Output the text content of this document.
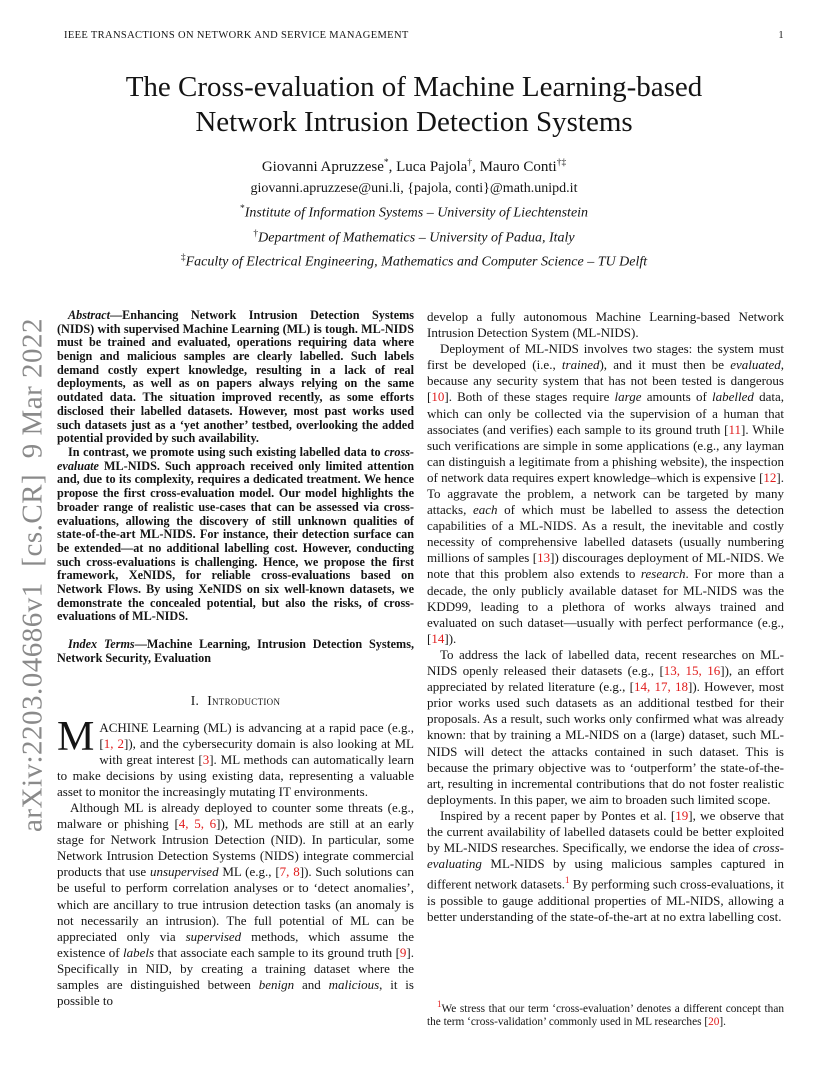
arXiv:2203.04686v1  [cs.CR]  9 Mar 2022
IEEE TRANSACTIONS ON NETWORK AND SERVICE MANAGEMENT	1
The Cross-evaluation of Machine Learning-based
Network Intrusion Detection Systems
Giovanni Apruzzese*, Luca Pajola†, Mauro Conti†‡
giovanni.apruzzese@uni.li, {pajola, conti}@math.unipd.it
*Institute of Information Systems – University of Liechtenstein
†Department of Mathematics – University of Padua, Italy
‡Faculty of Electrical Engineering, Mathematics and Computer Science – TU Delft

Abstract—Enhancing Network Intrusion Detection Systems (NIDS) with supervised Machine Learning (ML) is tough. ML-NIDS must be trained and evaluated, operations requiring data where benign and malicious samples are clearly labelled. Such labels demand costly expert knowledge, resulting in a lack of real deployments, as well as on papers always relying on the same outdated data. The situation improved recently, as some efforts disclosed their labelled datasets. However, most past works used such datasets just as a ‘yet another’ testbed, overlooking the added potential provided by such availability.

In contrast, we promote using such existing labelled data to cross-evaluate ML-NIDS. Such approach received only limited attention and, due to its complexity, requires a dedicated treatment. We hence propose the first cross-evaluation model. Our model highlights the broader range of realistic use-cases that can be assessed via cross-evaluations, allowing the discovery of still unknown qualities of state-of-the-art ML-NIDS. For instance, their detection surface can be extended—at no additional labelling cost. However, conducting such cross-evaluations is challenging. Hence, we propose the first framework, XeNIDS, for reliable cross-evaluations based on Network Flows. By using XeNIDS on six well-known datasets, we demonstrate the concealed potential, but also the risks, of cross-evaluations of ML-NIDS.

Index Terms—Machine Learning, Intrusion Detection Systems, Network Security, Evaluation

I. Introduction

MACHINE Learning (ML) is advancing at a rapid pace (e.g., [1, 2]), and the cybersecurity domain is also looking at ML with great interest [3]. ML methods can automatically learn to make decisions by using existing data, representing a valuable asset to monitor the increasingly mutating IT environments.

Although ML is already deployed to counter some threats (e.g., malware or phishing [4, 5, 6]), ML methods are still at an early stage for Network Intrusion Detection (NID). In particular, some Network Intrusion Detection Systems (NIDS) integrate commercial products that use unsupervised ML (e.g., [7, 8]). Such solutions can be useful to perform correlation analyses or to ‘detect anomalies’, which are ancillary to true intrusion detection tasks (an anomaly is not necessarily an intrusion). The full potential of ML can be appreciated only via supervised methods, which assume the existence of labels that associate each sample to its ground truth [9]. Specifically in NID, by creating a training dataset where the samples are distinguished between benign and malicious, it is possible to

develop a fully autonomous Machine Learning-based Network Intrusion Detection System (ML-NIDS).

Deployment of ML-NIDS involves two stages: the system must first be developed (i.e., trained), and it must then be evaluated, because any security system that has not been tested is dangerous [10]. Both of these stages require large amounts of labelled data, which can only be collected via the supervision of a human that associates (and verifies) each sample to its ground truth [11]. While such verifications are simple in some applications (e.g., any layman can distinguish a legitimate from a phishing website), the inspection of network data requires expert knowledge–which is expensive [12]. To aggravate the problem, a network can be targeted by many attacks, each of which must be labelled to assess the detection capabilities of a ML-NIDS. As a result, the inevitable and costly necessity of comprehensive labelled datasets (usually numbering millions of samples [13]) discourages deployment of ML-NIDS. We note that this problem also extends to research. For more than a decade, the only publicly available dataset for ML-NIDS was the KDD99, leading to a plethora of works always trained and evaluated on such dataset—usually with perfect performance (e.g., [14]).

To address the lack of labelled data, recent researches on ML-NIDS openly released their datasets (e.g., [13, 15, 16]), an effort appreciated by related literature (e.g., [14, 17, 18]). However, most prior works used such datasets as an additional testbed for their proposals. As a result, such works only confirmed what was already known: that by training a ML-NIDS on a (large) dataset, such ML-NIDS will detect the attacks contained in such dataset. This is because the primary objective was to ‘outperform’ the state-of-the-art, resulting in incremental contributions that do not foster realistic deployments. In this paper, we aim to broaden such limited scope.

Inspired by a recent paper by Pontes et al. [19], we observe that the current availability of labelled datasets could be better exploited by ML-NIDS researches. Specifically, we endorse the idea of cross-evaluating ML-NIDS by using malicious samples captured in different network datasets.$^1$ By performing such cross-evaluations, it is possible to gauge additional properties of ML-NIDS, allowing a better understanding of the state-of-the-art at no extra labelling cost.

$^1$We stress that our term ‘cross-evaluation’ denotes a different concept than the term ‘cross-validation’ commonly used in ML researches [20].
